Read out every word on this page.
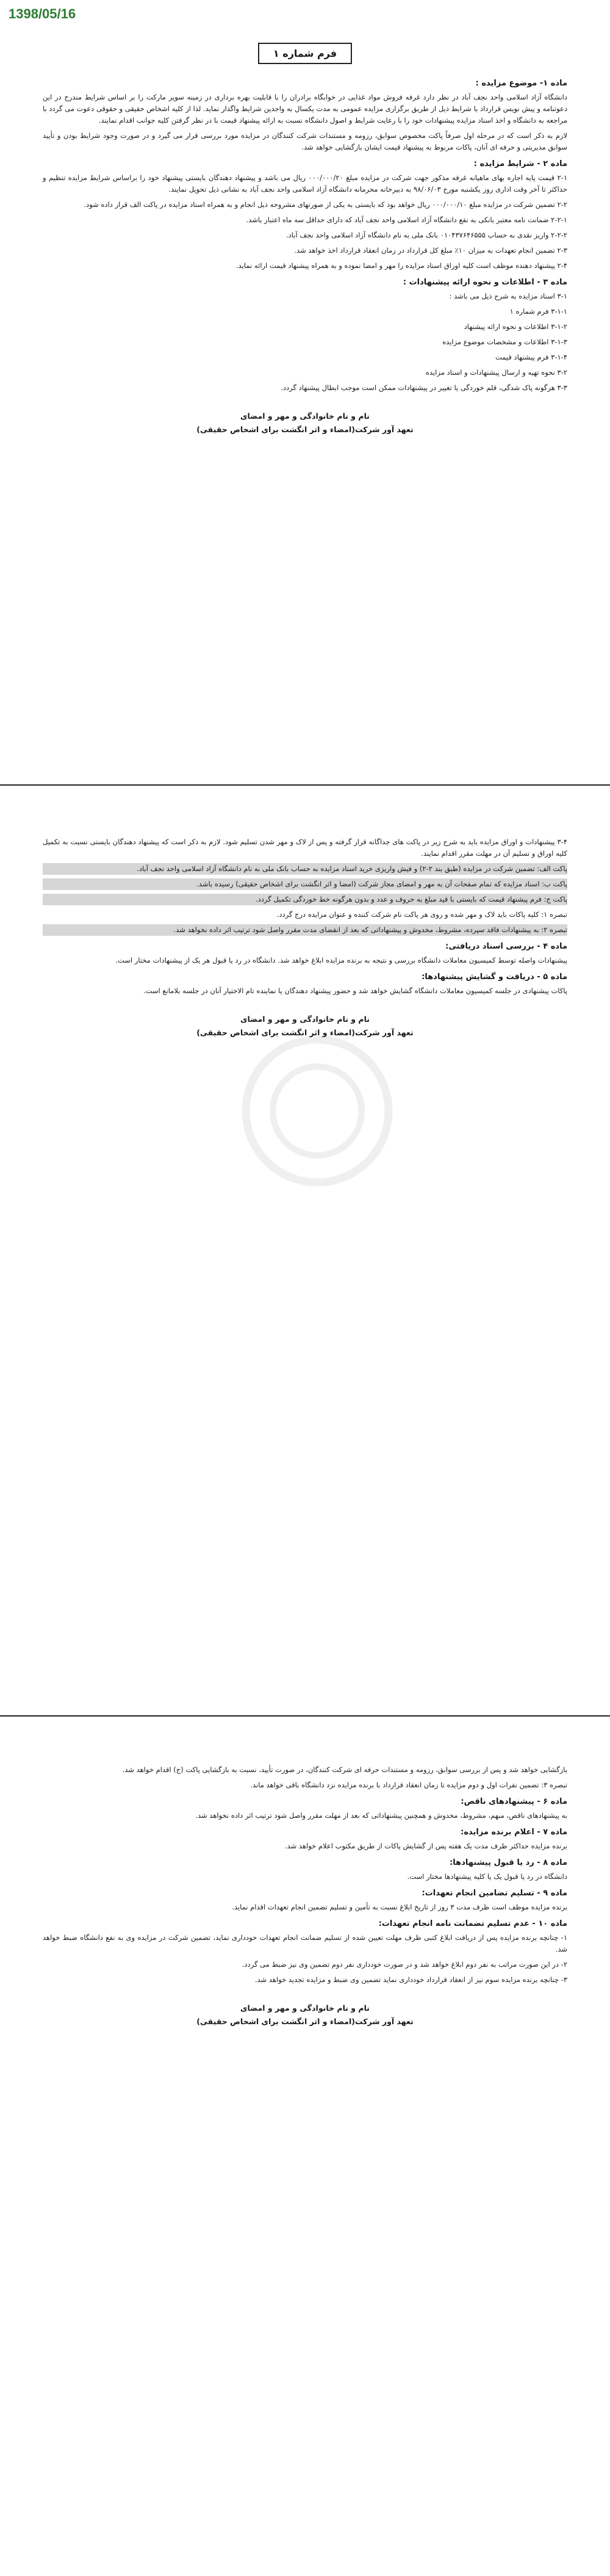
1398/05/16
فرم شماره ۱
ماده ۱- موضوع مزایده :

دانشگاه آزاد اسلامی واحد نجف آباد در نظر دارد غرفه فروش مواد غذایی در خوابگاه برادران را با قابلیت بهره برداری در زمینه سوپر مارکت را بر اساس شرایط مندرج در این دعوتنامه و پیش نویس قرارداد با شرایط ذیل از طریق برگزاری مزایده عمومی به مدت یکسال به واجدین شرایط واگذار نماید. لذا از کلیه اشخاص حقیقی و حقوقی دعوت می گردد با مراجعه به دانشگاه و اخذ اسناد مزایده پیشنهادات خود را با رعایت شرایط و اصول دانشگاه نسبت به ارائه پیشنهاد قیمت با در نظر گرفتن کلیه جوانب اقدام نمایند.

لازم به ذکر است که در مرحله اول صرفاً پاکت مخصوص سوابق، رزومه و مستندات شرکت کنندگان در مزایده مورد بررسی قرار می گیرد و در صورت وجود شرایط بودن و تأیید سوابق مدیریتی و حرفه ای آنان، پاکات مربوط به پیشنهاد قیمت ایشان بازگشایی خواهد شد.

ماده ۲ - شرایط مزایده :

۲-۱ قیمت پایه اجاره بهای ماهیانه غرفه مذکور جهت شرکت در مزایده مبلغ ۰۰۰/۰۰۰/۲۰ ریال می باشد و پیشنهاد دهندگان بایستی پیشنهاد خود را براساس شرایط مزایده تنظیم و حداکثر تا آخر وقت اداری روز یکشنبه مورخ ۹۸/۰۶/۰۳ به دبیرخانه محرمانه دانشگاه آزاد اسلامی واحد نجف آباد به نشانی ذیل تحویل نمایند.

۲-۲ تضمین شرکت در مزایده مبلغ ۰۰۰/۰۰۰/۱۰ ریال خواهد بود که بایستی به یکی از صورتهای مشروحه ذیل انجام و به همراه اسناد مزایده در پاکت الف قرار داده شود.

۲-۲-۱ ضمانت نامه معتبر بانکی به نفع دانشگاه آزاد اسلامی واحد نجف آباد که دارای حداقل سه ماه اعتبار باشد.

۲-۲-۲ واریز نقدی به حساب ۰۱۰۴۳۷۶۴۶۵۵۵ بانک ملی به نام دانشگاه آزاد اسلامی واحد نجف آباد.

۲-۳ تضمین انجام تعهدات به میزان ۱۰٪ مبلغ کل قرارداد در زمان انعقاد قرارداد اخذ خواهد شد.

۲-۴ پیشنهاد دهنده موظف است کلیه اوراق اسناد مزایده را مهر و امضا نموده و به همراه پیشنهاد قیمت ارائه نماید.

ماده ۳ - اطلاعات و نحوه ارائه پیشنهادات :

۳-۱ اسناد مزایده به شرح ذیل می باشد :

۳-۱-۱ فرم شماره ۱

۳-۱-۲ اطلاعات و نحوه ارائه پیشنهاد

۳-۱-۳ اطلاعات و مشخصات موضوع مزایده

۳-۱-۴ فرم پیشنهاد قیمت

۳-۲ نحوه تهیه و ارسال پیشنهادات و اسناد مزایده

۳-۳ هرگونه پاک شدگی، قلم خوردگی یا تغییر در پیشنهادات ممکن است موجب ابطال پیشنهاد گردد.

نام و نام خانوادگی و مهر و امضای
تعهد آور شرکت(امضاء و اثر انگشت برای اشخاص حقیقی)

۳-۴ پیشنهادات و اوراق مزایده باید به شرح زیر در پاکت های جداگانه قرار گرفته و پس از لاک و مهر شدن تسلیم شود. لازم به ذکر است که پیشنهاد دهندگان بایستی نسبت به تکمیل کلیه اوراق و تسلیم آن در مهلت مقرر اقدام نمایند.

پاکت الف: تضمین شرکت در مزایده (طبق بند ۲-۲) و فیش واریزی خرید اسناد مزایده به حساب بانک ملی به نام دانشگاه آزاد اسلامی واحد نجف آباد.

پاکت ب: اسناد مزایده که تمام صفحات آن به مهر و امضای مجاز شرکت (امضا و اثر انگشت برای اشخاص حقیقی) رسیده باشد.

پاکت ج: فرم پیشنهاد قیمت که بایستی با قید مبلغ به حروف و عدد و بدون هرگونه خط خوردگی تکمیل گردد.

تبصره ۱: کلیه پاکات باید لاک و مهر شده و روی هر پاکت نام شرکت کننده و عنوان مزایده درج گردد.

تبصره ۲: به پیشنهادات فاقد سپرده، مشروط، مخدوش و پیشنهاداتی که بعد از انقضای مدت مقرر واصل شود ترتیب اثر داده نخواهد شد.

ماده ۴ - بررسی اسناد دریافتی:

پیشنهادات واصله توسط کمیسیون معاملات دانشگاه بررسی و نتیجه به برنده مزایده ابلاغ خواهد شد. دانشگاه در رد یا قبول هر یک از پیشنهادات مختار است.

ماده ۵ - دریافت و گشایش پیشنهادها:

پاکات پیشنهادی در جلسه کمیسیون معاملات دانشگاه گشایش خواهد شد و حضور پیشنهاد دهندگان یا نماینده تام الاختیار آنان در جلسه بلامانع است.

نام و نام خانوادگی و مهر و امضای
تعهد آور شرکت(امضاء و اثر انگشت برای اشخاص حقیقی)

بازگشایی خواهد شد و پس از بررسی سوابق، رزومه و مستندات حرفه ای شرکت کنندگان، در صورت تأیید، نسبت به بازگشایی پاکت (ج) اقدام خواهد شد.

تبصره ۳: تضمین نفرات اول و دوم مزایده تا زمان انعقاد قرارداد با برنده مزایده نزد دانشگاه باقی خواهد ماند.

ماده ۶ - پیشنهادهای ناقص:

به پیشنهادهای ناقص، مبهم، مشروط، مخدوش و همچنین پیشنهاداتی که بعد از مهلت مقرر واصل شود ترتیب اثر داده نخواهد شد.

ماده ۷ - اعلام برنده مزایده:

برنده مزایده حداکثر ظرف مدت یک هفته پس از گشایش پاکات از طریق مکتوب اعلام خواهد شد.

ماده ۸ - رد یا قبول پیشنهادها:

دانشگاه در رد یا قبول یک یا کلیه پیشنهادها مختار است.

ماده ۹ - تسلیم تضامین انجام تعهدات:

برنده مزایده موظف است ظرف مدت ۳ روز از تاریخ ابلاغ نسبت به تأمین و تسلیم تضمین انجام تعهدات اقدام نماید.

ماده ۱۰ - عدم تسلیم تضمانت نامه انجام تعهدات:

۱- چنانچه برنده مزایده پس از دریافت ابلاغ کتبی ظرف مهلت تعیین شده از تسلیم ضمانت انجام تعهدات خودداری نماید، تضمین شرکت در مزایده وی به نفع دانشگاه ضبط خواهد شد.

۲- در این صورت مراتب به نفر دوم ابلاغ خواهد شد و در صورت خودداری نفر دوم تضمین وی نیز ضبط می گردد.

۳- چنانچه برنده مزایده سوم نیز از انعقاد قرارداد خودداری نماید تضمین وی ضبط و مزایده تجدید خواهد شد.

نام و نام خانوادگی و مهر و امضای
تعهد آور شرکت(امضاء و اثر انگشت برای اشخاص حقیقی)
